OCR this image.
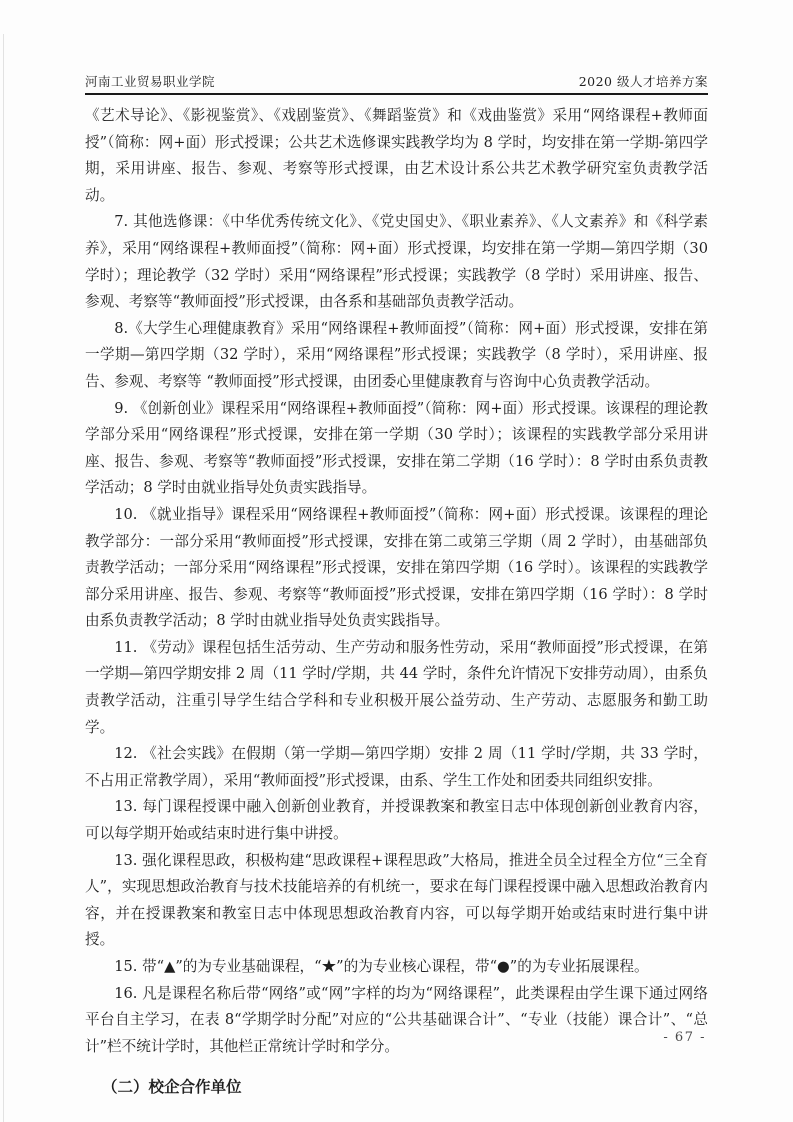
河南工业贸易职业学院	2020 级人才培养方案

《艺术导论》、《影视鉴赏》、《戏剧鉴赏》、《舞蹈鉴赏》和《戏曲鉴赏》采用“网络课程+教师面授”（简称：网+面）形式授课；公共艺术选修课实践教学均为 8 学时，均安排在第一学期-第四学期，采用讲座、报告、参观、考察等形式授课，由艺术设计系公共艺术教学研究室负责教学活动。

7. 其他选修课：《中华优秀传统文化》、《党史国史》、《职业素养》、《人文素养》和《科学素养》，采用“网络课程+教师面授”（简称：网+面）形式授课，均安排在第一学期—第四学期（30 学时）；理论教学（32 学时）采用“网络课程”形式授课；实践教学（8 学时）采用讲座、报告、参观、考察等“教师面授”形式授课，由各系和基础部负责教学活动。

8.《大学生心理健康教育》采用“网络课程+教师面授”（简称：网+面）形式授课，安排在第一学期—第四学期（32 学时），采用“网络课程”形式授课；实践教学（8 学时），采用讲座、报告、参观、考察等 “教师面授”形式授课，由团委心里健康教育与咨询中心负责教学活动。

9. 《创新创业》课程采用“网络课程+教师面授”（简称：网+面）形式授课。该课程的理论教学部分采用“网络课程”形式授课，安排在第一学期（30 学时）；该课程的实践教学部分采用讲座、报告、参观、考察等“教师面授”形式授课，安排在第二学期（16 学时）：8 学时由系负责教学活动；8 学时由就业指导处负责实践指导。

10. 《就业指导》课程采用“网络课程+教师面授”（简称：网+面）形式授课。该课程的理论教学部分：一部分采用“教师面授”形式授课，安排在第二或第三学期（周 2 学时），由基础部负责教学活动；一部分采用“网络课程”形式授课，安排在第四学期（16 学时）。该课程的实践教学部分采用讲座、报告、参观、考察等“教师面授”形式授课，安排在第四学期（16 学时）：8 学时由系负责教学活动；8 学时由就业指导处负责实践指导。

11. 《劳动》课程包括生活劳动、生产劳动和服务性劳动，采用“教师面授”形式授课，在第一学期—第四学期安排 2 周（11 学时/学期，共 44 学时，条件允许情况下安排劳动周），由系负责教学活动，注重引导学生结合学科和专业积极开展公益劳动、生产劳动、志愿服务和勤工助学。

12. 《社会实践》在假期（第一学期—第四学期）安排 2 周（11 学时/学期，共 33 学时，不占用正常教学周），采用“教师面授”形式授课，由系、学生工作处和团委共同组织安排。

13. 每门课程授课中融入创新创业教育，并授课教案和教室日志中体现创新创业教育内容，可以每学期开始或结束时进行集中讲授。

13. 强化课程思政，积极构建“思政课程+课程思政”大格局，推进全员全过程全方位“三全育人”，实现思想政治教育与技术技能培养的有机统一，要求在每门课程授课中融入思想政治教育内容，并在授课教案和教室日志中体现思想政治教育内容，可以每学期开始或结束时进行集中讲授。

15. 带“▲”的为专业基础课程，“★”的为专业核心课程，带“●”的为专业拓展课程。

16. 凡是课程名称后带“网络”或“网”字样的均为“网络课程”，此类课程由学生课下通过网络平台自主学习，在表 8“学期学时分配”对应的“公共基础课合计”、“专业（技能）课合计”、“总计”栏不统计学时，其他栏正常统计学时和学分。

（二）校企合作单位
- 67 -
